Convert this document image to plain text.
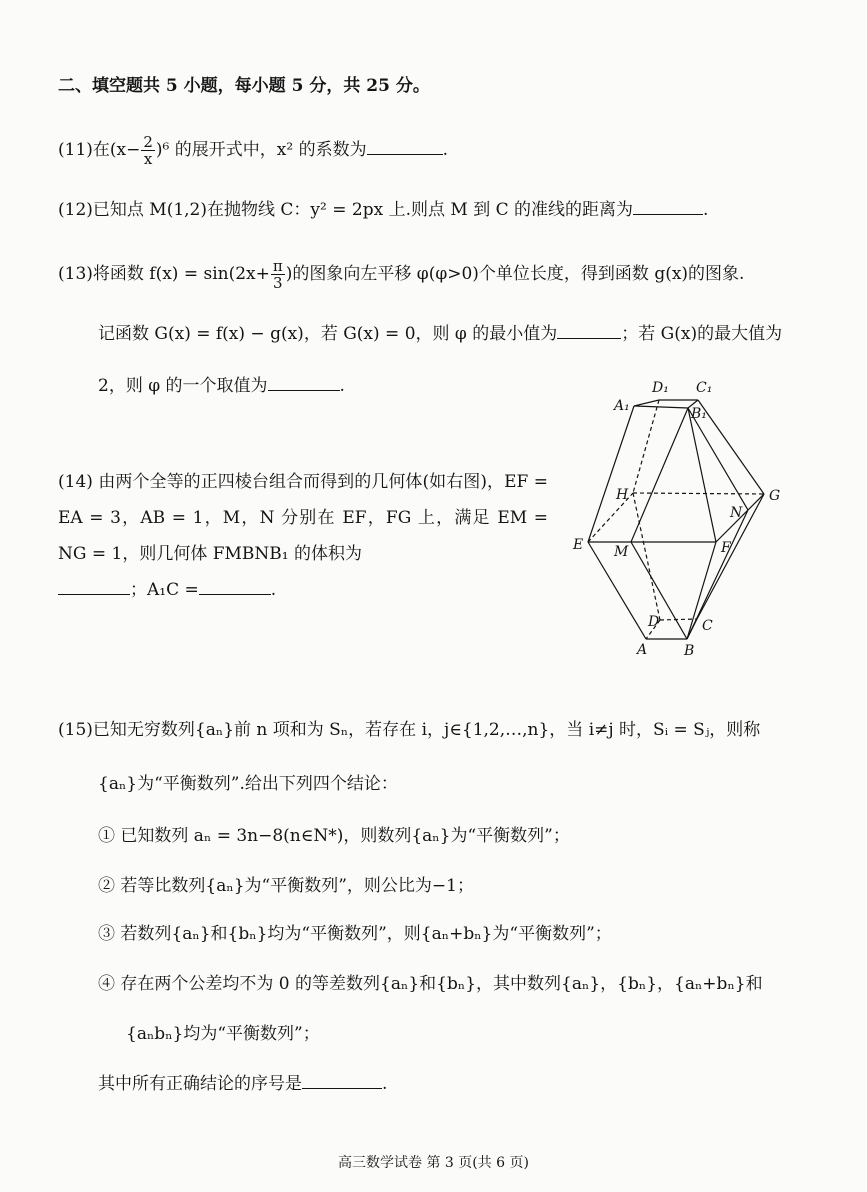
二、填空题共 5 小题，每小题 5 分，共 25 分。
(11)在$(x- \frac{2}{x} )^6$ 的展开式中，x² 的系数为	.
(12)已知点 M(1,2)在抛物线 C：y² = 2px 上.则点 M 到 C 的准线的距离为	.
(13)将函数 $f(x) = \sin(2x+ \frac{\pi}{3}$ )的图象向左平移 φ(φ>0)个单位长度，得到函数 g(x)的图象.
记函数 G(x) = f(x) − g(x)，若 G(x) = 0，则 φ 的最小值为	；若 G(x)的最大值为
2，则 φ 的一个取值为	.
(14) 由两个全等的正四棱台组合而得到的几何体(如右图)，EF = EA = 3，AB = 1，M，N 分别在 EF，FG 上，满足 EM = NG = 1，则几何体 FMBNB₁ 的体积为
；A₁C =	.
D₁ C₁
A₁	B₁
H	G
N
E M	F
D	C
A	B
(15)已知无穷数列{aₙ}前 n 项和为 Sₙ，若存在 i，j∈{1,2,…,n}，当 i≠j 时，Sᵢ = Sⱼ，则称
{aₙ}为“平衡数列”.给出下列四个结论：
① 已知数列 aₙ = 3n−8(n∈N*)，则数列{aₙ}为“平衡数列”；
② 若等比数列{aₙ}为“平衡数列”，则公比为−1；
③ 若数列{aₙ}和{bₙ}均为“平衡数列”，则{aₙ+bₙ}为“平衡数列”；
④ 存在两个公差均不为 0 的等差数列{aₙ}和{bₙ}，其中数列{aₙ}，{bₙ}，{aₙ+bₙ}和
{aₙbₙ}均为“平衡数列”；
其中所有正确结论的序号是	.
高三数学试卷 第 3 页(共 6 页)
